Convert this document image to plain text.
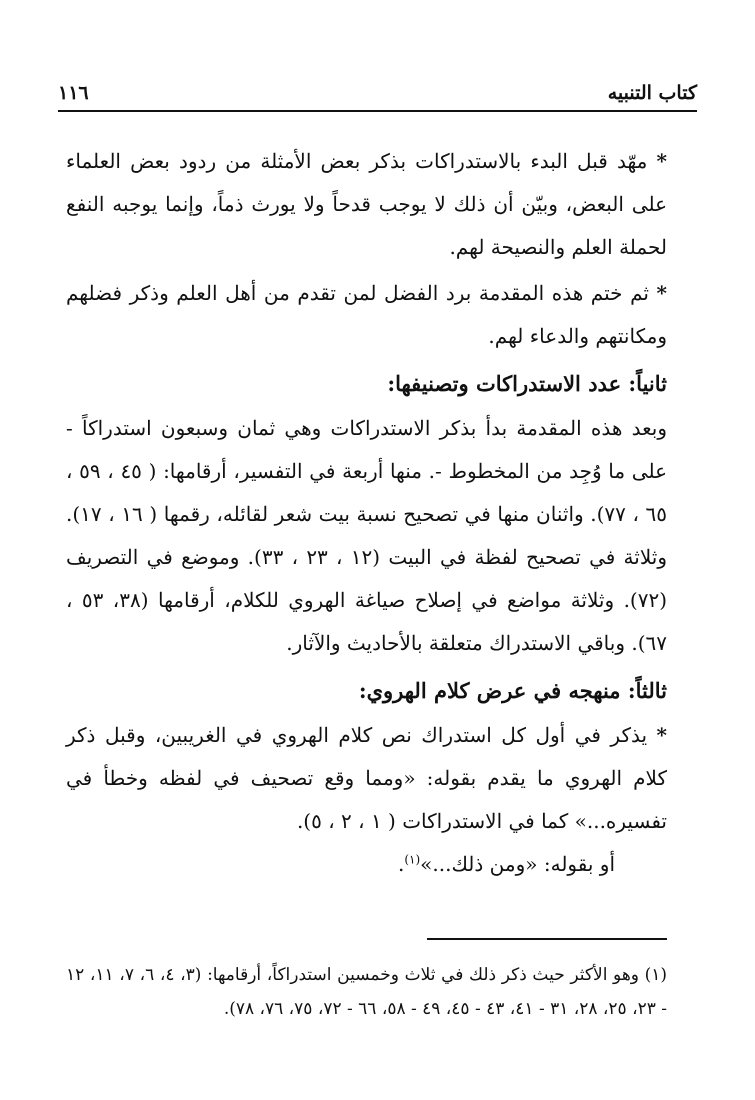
١١٦	كتاب التنبيه

* مهّد قبل البدء بالاستدراكات بذكر بعض الأمثلة من ردود بعض العلماء على البعض، وبيّن أن ذلك لا يوجب قدحاً ولا يورث ذماً، وإنما يوجبه النفع لحملة العلم والنصيحة لهم.

* ثم ختم هذه المقدمة برد الفضل لمن تقدم من أهل العلم وذكر فضلهم ومكانتهم والدعاء لهم.

ثانياً: عدد الاستدراكات وتصنيفها:

وبعد هذه المقدمة بدأ بذكر الاستدراكات وهي ثمان وسبعون استدراكاً - على ما وُجِد من المخطوط -. منها أربعة في التفسير، أرقامها: ( ٤٥ ، ٥٩ ، ٦٥ ، ٧٧). واثنان منها في تصحيح نسبة بيت شعر لقائله، رقمها ( ١٦ ، ١٧). وثلاثة في تصحيح لفظة في البيت (١٢ ، ٢٣ ، ٣٣). وموضع في التصريف (٧٢). وثلاثة مواضع في إصلاح صياغة الهروي للكلام، أرقامها (٣٨، ٥٣ ، ٦٧). وباقي الاستدراك متعلقة بالأحاديث والآثار.

ثالثاً: منهجه في عرض كلام الهروي:

* يذكر في أول كل استدراك نص كلام الهروي في الغريبين، وقبل ذكر كلام الهروي ما يقدم بقوله: «ومما وقع تصحيف في لفظه وخطأ في تفسيره...» كما في الاستدراكات ( ١ ، ٢ ، ٥).

أو بقوله: «ومن ذلك...»$^{(١)}$.

(١) وهو الأكثر حيث ذكر ذلك في ثلاث وخمسين استدراكاً، أرقامها: (٣، ٤، ٦، ٧، ١١، ١٢ - ٢٣، ٢٥، ٢٨، ٣١ - ٤١، ٤٣ - ٤٥، ٤٩ - ٥٨، ٦٦ - ٧٢، ٧٥، ٧٦، ٧٨).
